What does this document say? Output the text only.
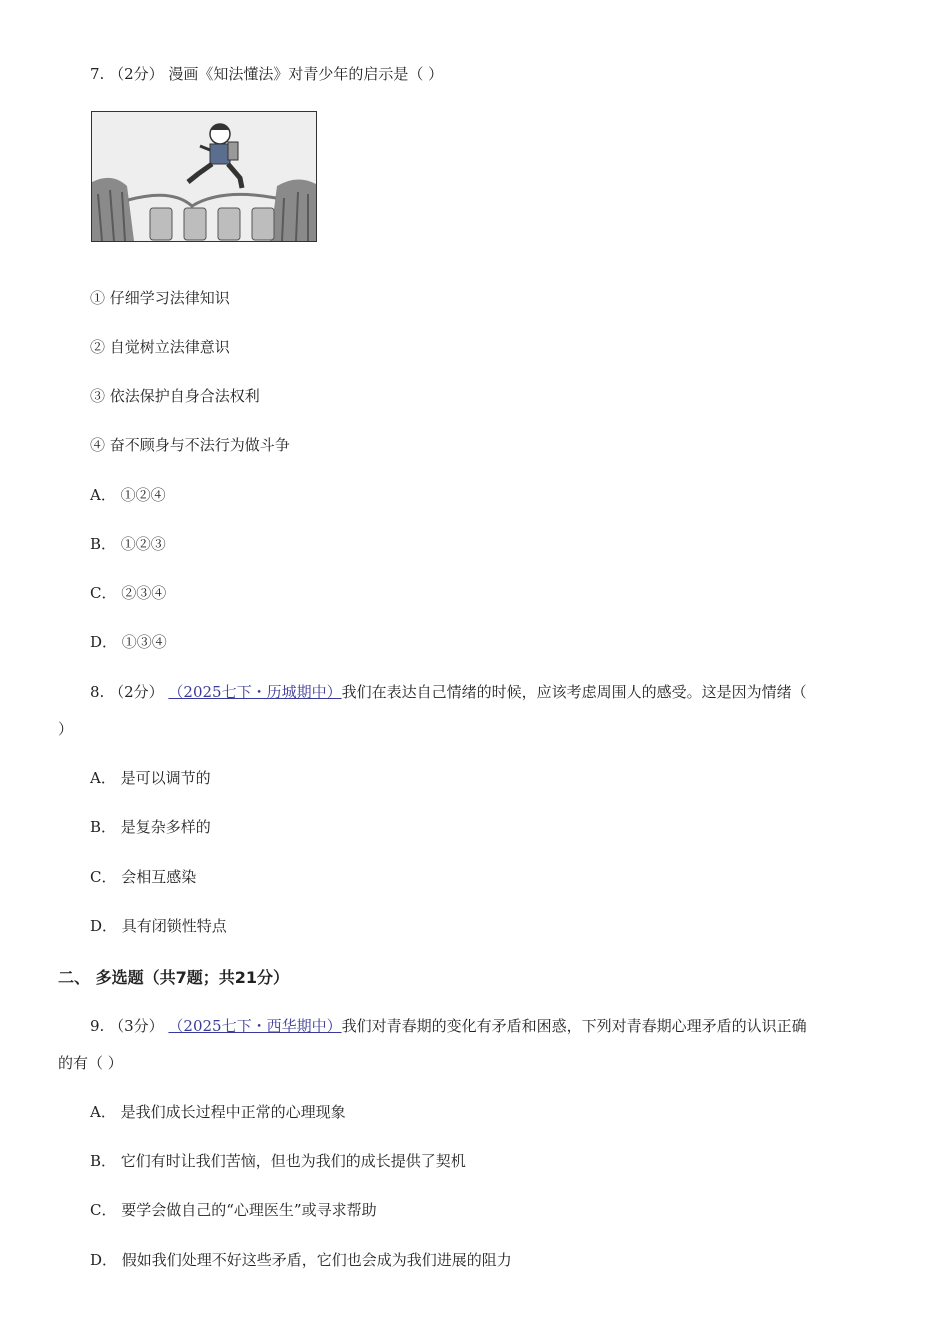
7. （2分） 漫画《知法懂法》对青少年的启示是（ ）
① 仔细学习法律知识
② 自觉树立法律意识
③ 依法保护自身合法权利
④ 奋不顾身与不法行为做斗争
A． ①②④
B． ①②③
C． ②③④
D． ①③④
8. （2分） （2025七下・历城期中）我们在表达自己情绪的时候，应该考虑周围人的感受。这是因为情绪（
）
A． 是可以调节的
B． 是复杂多样的
C． 会相互感染
D． 具有闭锁性特点
二、 多选题（共7题；共21分）
9. （3分） （2025七下・西华期中）我们对青春期的变化有矛盾和困惑，下列对青春期心理矛盾的认识正确
的有（ ）
A． 是我们成长过程中正常的心理现象
B． 它们有时让我们苦恼，但也为我们的成长提供了契机
C． 要学会做自己的“心理医生”或寻求帮助
D． 假如我们处理不好这些矛盾，它们也会成为我们进展的阻力
